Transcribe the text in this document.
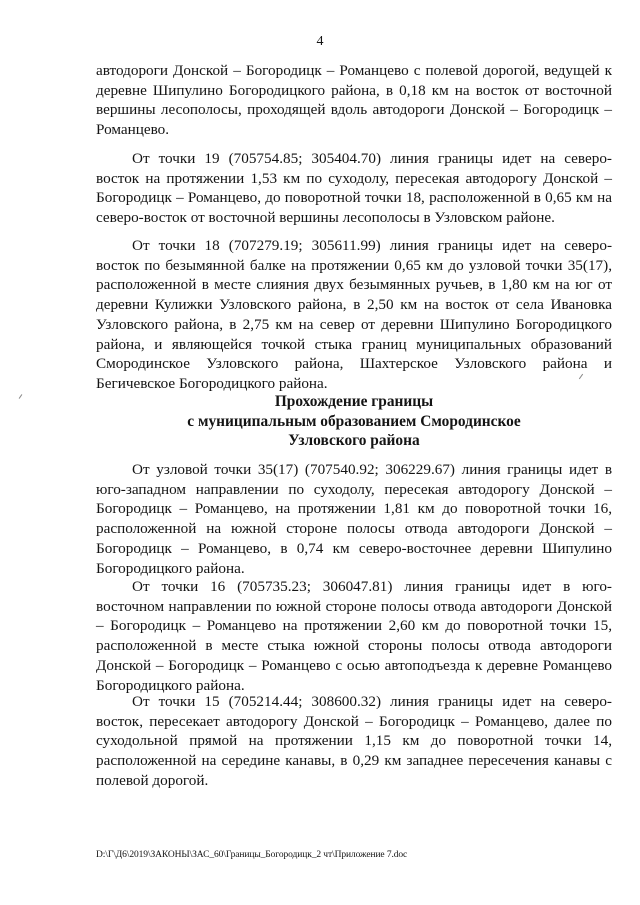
4
автодороги Донской – Богородицк – Романцево с полевой дорогой, ведущей к
деревне Шипулино Богородицкого района, в 0,18 км на восток от восточной
вершины лесополосы, проходящей вдоль автодороги Донской – Богородицк –
Романцево.
От точки 19 (705754.85; 305404.70) линия границы идет на северо-
восток на протяжении 1,53 км по суходолу, пересекая автодорогу Донской –
Богородицк – Романцево, до поворотной точки 18, расположенной в 0,65 км на
северо-восток от восточной вершины лесополосы в Узловском районе.
От точки 18 (707279.19; 305611.99) линия границы идет на северо-
восток по безымянной балке на протяжении 0,65 км до узловой точки 35(17),
расположенной в месте слияния двух безымянных ручьев, в 1,80 км на юг от
деревни Кулижки Узловского района, в 2,50 км на восток от села Ивановка
Узловского района, в 2,75 км на север от деревни Шипулино Богородицкого
района, и являющейся точкой стыка границ муниципальных образований
Смородинское Узловского района, Шахтерское Узловского района и
Бегичевское Богородицкого района.
Прохождение границы
с муниципальным образованием Смородинское
Узловского района
От узловой точки 35(17) (707540.92; 306229.67) линия границы идет в
юго-западном направлении по суходолу, пересекая автодорогу Донской –
Богородицк – Романцево, на протяжении 1,81 км до поворотной точки 16,
расположенной на южной стороне полосы отвода автодороги Донской –
Богородицк – Романцево, в 0,74 км северо-восточнее деревни Шипулино
Богородицкого района.
От точки 16 (705735.23; 306047.81) линия границы идет в юго-
восточном направлении по южной стороне полосы отвода автодороги Донской
– Богородицк – Романцево на протяжении 2,60 км до поворотной точки 15,
расположенной в месте стыка южной стороны полосы отвода автодороги
Донской – Богородицк – Романцево с осью автоподъезда к деревне Романцево
Богородицкого района.
От точки 15 (705214.44; 308600.32) линия границы идет на северо-
восток, пересекает автодорогу Донской – Богородицк – Романцево, далее по
суходольной прямой на протяжении 1,15 км до поворотной точки 14,
расположенной на середине канавы, в 0,29 км западнее пересечения канавы с
полевой дорогой.
D:\Г\Д6\2019\ЗАКОНЫ\ЗАС_60\Границы_Богородицк_2 чт\Приложение 7.doc
